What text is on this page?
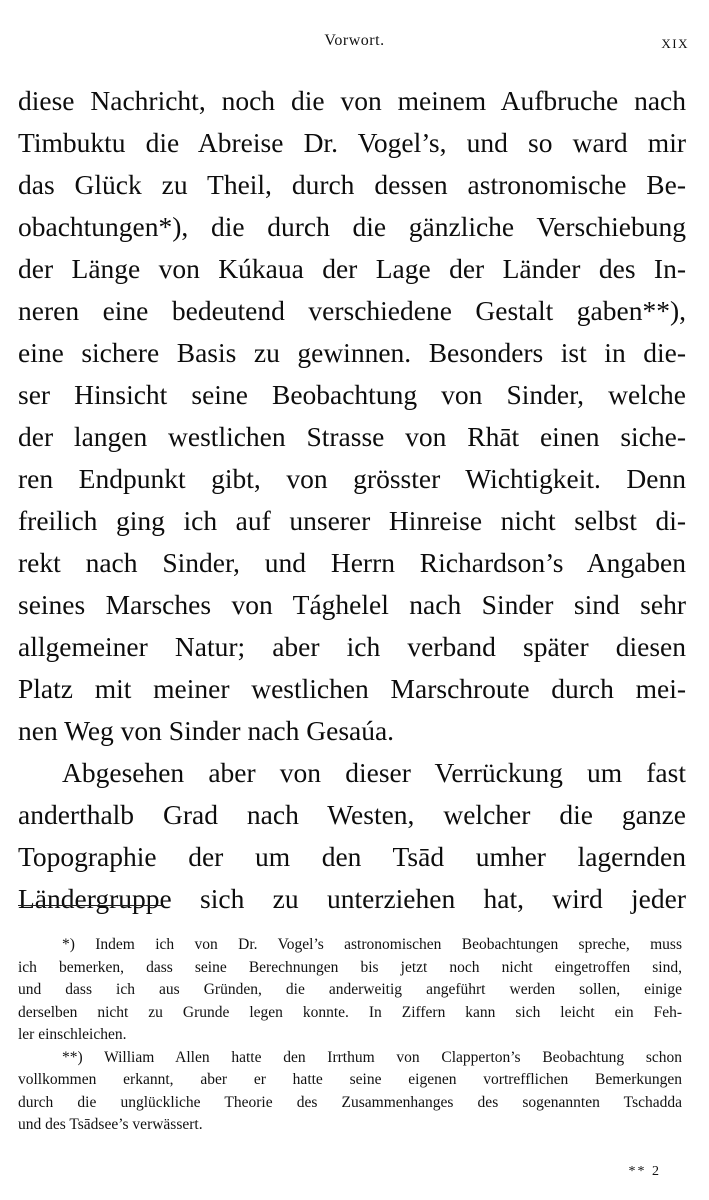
Vorwort.	XIX
diese Nachricht, noch die von meinem Aufbruche nach
Timbuktu die Abreise Dr. Vogel’s, und so ward mir
das Glück zu Theil, durch dessen astronomische Be-
obachtungen*), die durch die gänzliche Verschiebung
der Länge von Kúkaua der Lage der Länder des In-
neren eine bedeutend verschiedene Gestalt gaben**),
eine sichere Basis zu gewinnen. Besonders ist in die-
ser Hinsicht seine Beobachtung von Sinder, welche
der langen westlichen Strasse von Rhāt einen siche-
ren Endpunkt gibt, von grösster Wichtigkeit. Denn
freilich ging ich auf unserer Hinreise nicht selbst di-
rekt nach Sinder, und Herrn Richardson’s Angaben
seines Marsches von Tághelel nach Sinder sind sehr
allgemeiner Natur; aber ich verband später diesen
Platz mit meiner westlichen Marschroute durch mei-
nen Weg von Sinder nach Gesaúa.
Abgesehen aber von dieser Verrückung um fast
anderthalb Grad nach Westen, welcher die ganze
Topographie der um den Tsād umher lagernden
Ländergruppe sich zu unterziehen hat, wird jeder
*) Indem ich von Dr. Vogel’s astronomischen Beobachtungen spreche, muss
ich bemerken, dass seine Berechnungen bis jetzt noch nicht eingetroffen sind,
und dass ich aus Gründen, die anderweitig angeführt werden sollen, einige
derselben nicht zu Grunde legen konnte. In Ziffern kann sich leicht ein Feh-
ler einschleichen.
**) William Allen hatte den Irrthum von Clapperton’s Beobachtung schon
vollkommen erkannt, aber er hatte seine eigenen vortrefflichen Bemerkungen
durch die unglückliche Theorie des Zusammenhanges des sogenannten Tschadda
und des Tsādsee’s verwässert.
** 2
